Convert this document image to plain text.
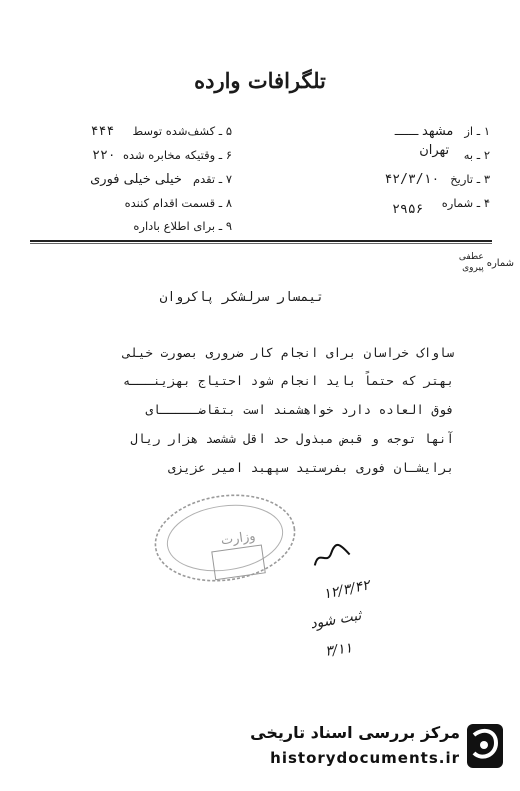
تلگرافات وارده
۱ ـ از   مشهد ـــــــ
۲ ـ به    تهران
۳ ـ تاریخ   ۴۲/۳/۱۰
۴ ـ شماره     ۲۹۵۶
۵ ـ کشف‌شده توسط     ۴۴۴
۶ ـ وقتیکه مخابره شده  ۲۲۰
۷ ـ تقدم   خیلی خیلی فوری
۸ ـ قسمت اقدام کننده
۹ ـ برای اطلاع باداره
شماره
عطفی
پیروی
تیمسار سرلشکر پاکروان
ساواک خراسان برای انجام کار ضروری بصورت خیلی
بهتر که حتماً باید انجام شود احتیاج بهزینـــه
فوق العاده دارد خواهشمند است بتقاضـــــای
آنها توجه و قبض مبذول حد اقل ششصد هزار ریال
برایشـان فوری بفرستید سپهبد امیر عزیزی
وزارت
۱۲/۳/۴۲
ثبت شود
۳/۱۱
مرکز بررسی اسناد تاریخی
historydocuments.ir
